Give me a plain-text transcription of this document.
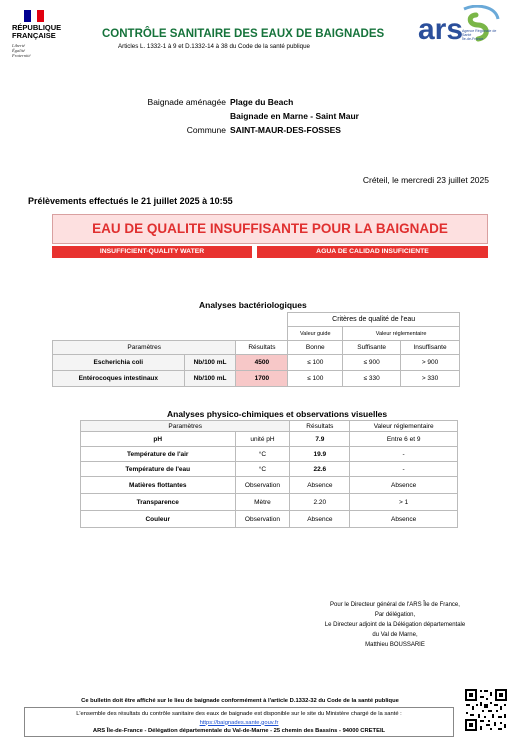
RÉPUBLIQUE
FRANÇAISE
Liberté
Égalité
Fraternité
CONTRÔLE SANITAIRE DES EAUX DE BAIGNADES
Articles L. 1332-1 à 9 et D.1332-14 à 38 du Code de la santé publique
ars
Agence Régionale de Santé
Île-de-France
Baignade aménagée Plage du Beach
Baignade en Marne - Saint Maur
Commune SAINT-MAUR-DES-FOSSES
Créteil, le mercredi 23 juillet 2025
Prélèvements effectués le 21 juillet 2025 à 10:55
EAU DE QUALITE INSUFFISANTE POUR LA BAIGNADE
INSUFFICIENT-QUALITY WATER	AGUA DE CALIDAD INSUFICIENTE
Analyses bactériologiques
			Critères de qualité de l'eau		
			Valeur guide	Valeur réglementaire	
Paramètres		Résultats	Bonne	Suffisante	Insuffisante
Escherichia coli	Nb/100 mL	4500	≤ 100	≤ 900	> 900
Entérocoques intestinaux	Nb/100 mL	1700	≤ 100	≤ 330	> 330
Analyses physico-chimiques et observations visuelles
Paramètres		Résultats	Valeur réglementaire
pH	unité pH	7.9	Entre 6 et 9
Température de l'air	°C	19.9	-
Température de l'eau	°C	22.6	-
Matières flottantes	Observation	Absence	Absence
Transparence	Mètre	2.20	> 1
Couleur	Observation	Absence	Absence
Pour le Directeur général de l'ARS Île de France,
Par délégation,
Le Directeur adjoint de la Délégation départementale
du Val de Marne,
Matthieu BOUSSARIE
Ce bulletin doit être affiché sur le lieu de baignade conformément à l'article D.1332-32 du Code de la santé publique
L'ensemble des résultats du contrôle sanitaire des eaux de baignade est disponible sur le site du Ministère chargé de la santé :
https://baignades.sante.gouv.fr
ARS Île-de-France - Délégation départementale du Val-de-Marne - 25 chemin des Bassins - 94000 CRETEIL
